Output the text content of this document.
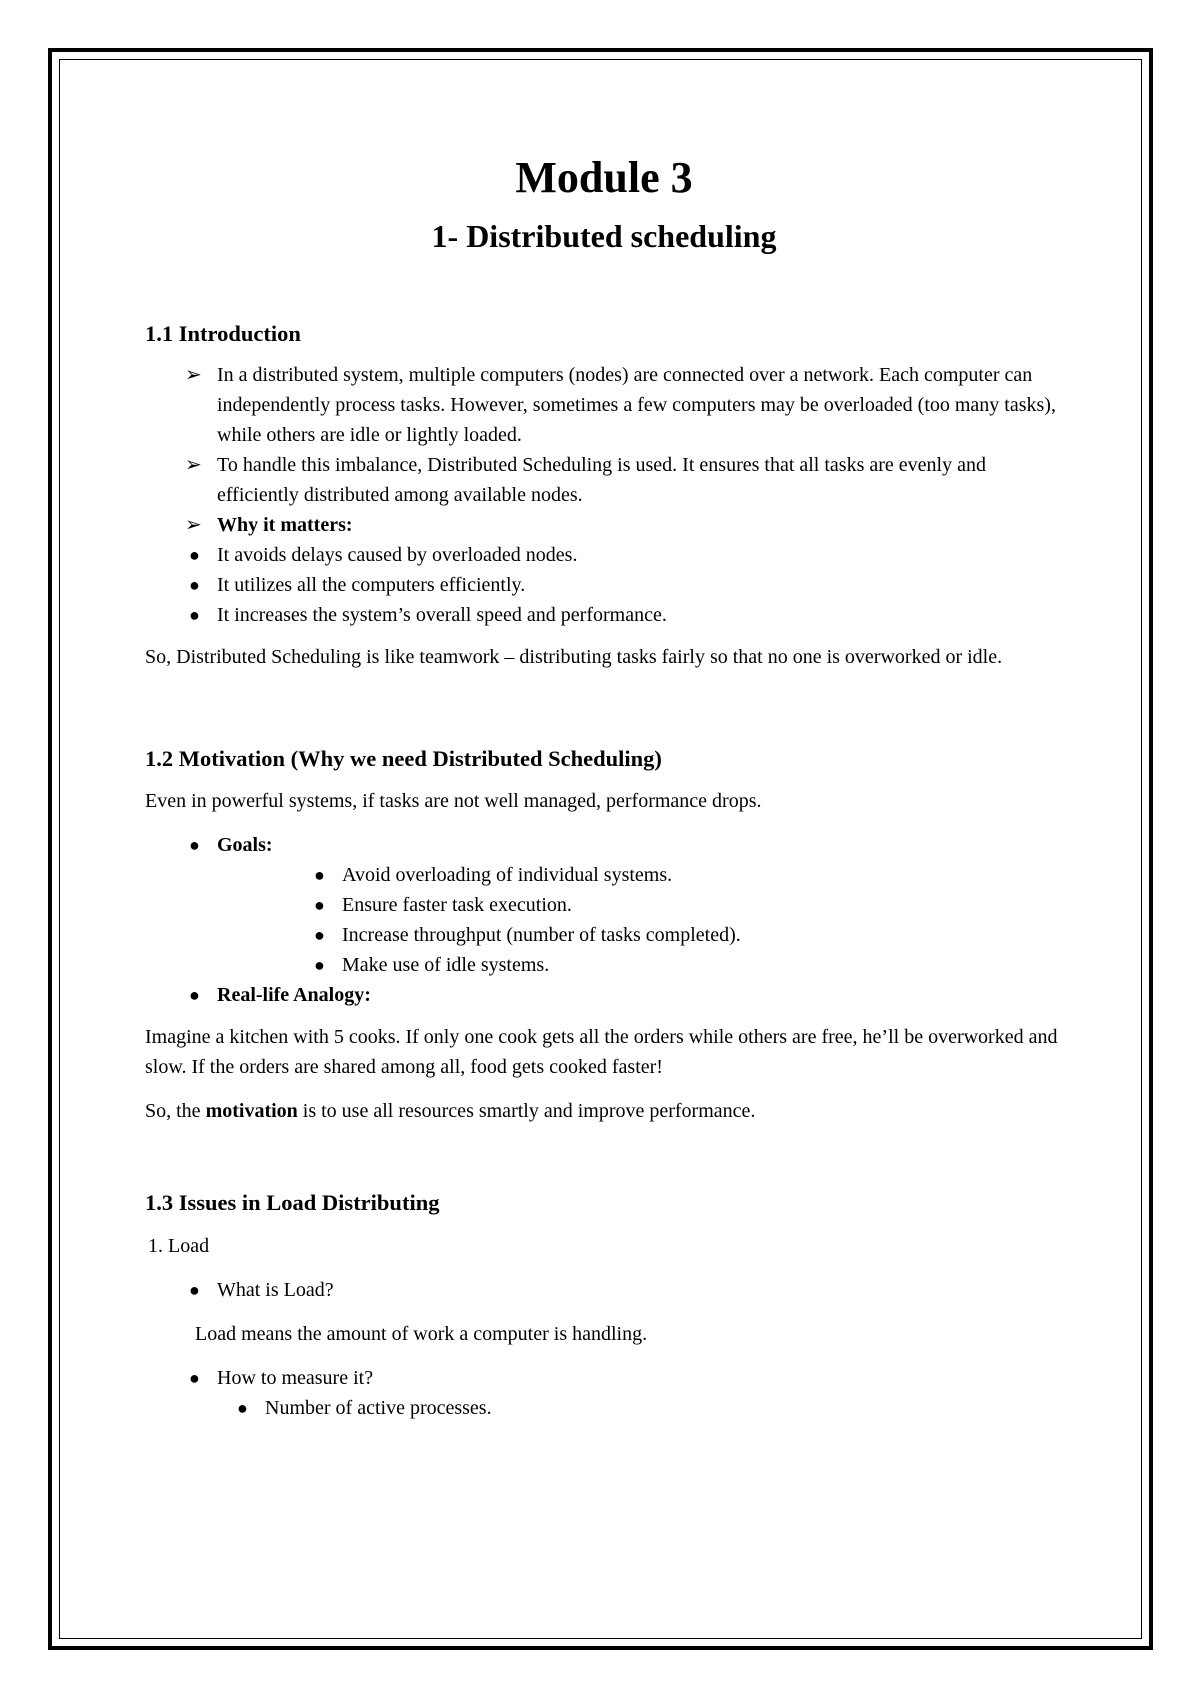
Module 3
1- Distributed scheduling
1.1 Introduction
➢ In a distributed system, multiple computers (nodes) are connected over a network. Each computer can independently process tasks. However, sometimes a few computers may be overloaded (too many tasks), while others are idle or lightly loaded.
➢ To handle this imbalance, Distributed Scheduling is used. It ensures that all tasks are evenly and efficiently distributed among available nodes.
➢ Why it matters:
● It avoids delays caused by overloaded nodes.
● It utilizes all the computers efficiently.
● It increases the system’s overall speed and performance.

So, Distributed Scheduling is like teamwork – distributing tasks fairly so that no one is overworked or idle.

1.2 Motivation (Why we need Distributed Scheduling)

Even in powerful systems, if tasks are not well managed, performance drops.

● Goals:
● Avoid overloading of individual systems.
● Ensure faster task execution.
● Increase throughput (number of tasks completed).
● Make use of idle systems.
● Real-life Analogy:

Imagine a kitchen with 5 cooks. If only one cook gets all the orders while others are free, he’ll be overworked and slow. If the orders are shared among all, food gets cooked faster!

So, the motivation is to use all resources smartly and improve performance.

1.3 Issues in Load Distributing

1. Load

● What is Load?

Load means the amount of work a computer is handling.

● How to measure it?
● Number of active processes.
